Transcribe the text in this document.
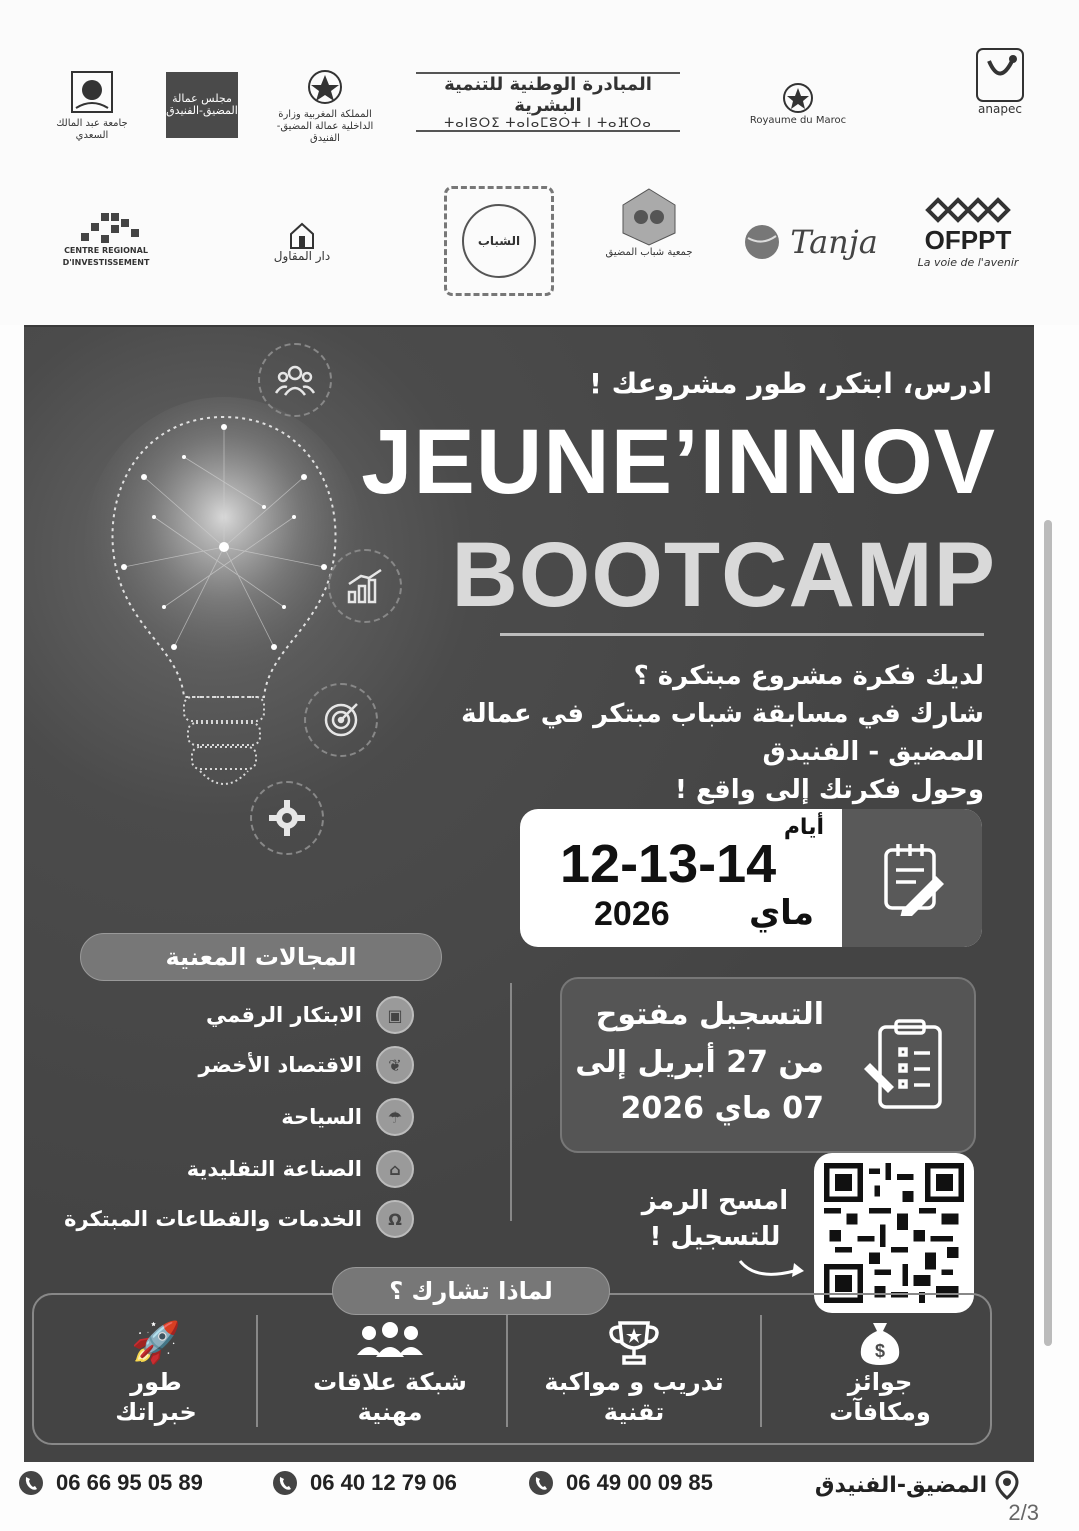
جامعة عبد المالك السعدي
مجلس عمالة المضيق-الفنيدق	المملكة المغربية وزارة الداخلية عمالة المضيق-الفنيدق
المبادرة الوطنية للتنمية البشرية
ⵜⴰⵏⵓⵔⵉ ⵜⴰⵏⴰⵎⵓⵔⵜ ⵏ ⵜⴰⴼⵔⴰ	Royaume du Maroc
anapec
CENTRE REGIONAL D'INVESTISSEMENT	دار المقاول
الشباب
جمعية شباب المضيق	Tanja OFPPT
La voie de l'avenir
ادرس، ابتكر، طور مشروعك !
JEUNE’INNOV
BOOTCAMP
لديك فكرة مشروع مبتكرة ؟
شارك في مسابقة شباب مبتكر في عمالة المضيق - الفنيدق
وحول فكرتك إلى واقع !
أيام
12-13-14
ماي
2026
المجالات المعنية
▣
الابتكار الرقمي
❦
الاقتصاد الأخضر
☂
السياحة
⌂
الصناعة التقليدية
Ω
الخدمات والقطاعات المبتكرة
التسجيل مفتوح
من 27 أبريل إلى
07 ماي 2026
امسح الرمز
للتسجيل !
🚀
طور
خبراتك
شبكة علاقات
مهنية
تدريب و مواكبة
تقنية
$
جوائز
ومكافآت
لماذا تشارك ؟
06 66 95 05 89	06 40 12 79 06	06 49 00 09 85	المضيق-الفنيدق
2/3
